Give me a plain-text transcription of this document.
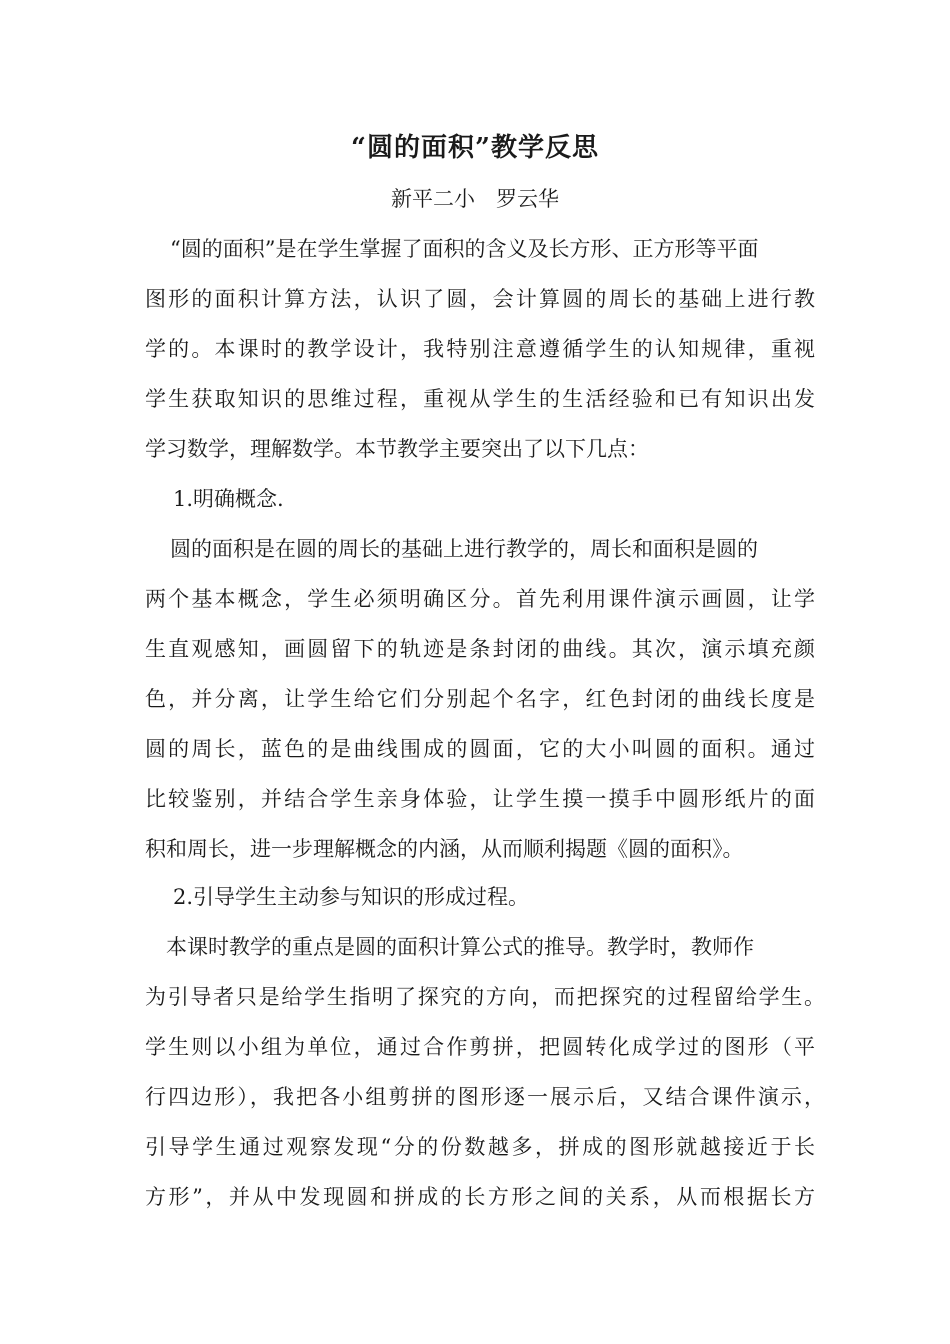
“圆的面积”教学反思
新平二小　罗云华
“圆的面积”是在学生掌握了面积的含义及长方形、正方形等平面
图形的面积计算方法，认识了圆，会计算圆的周长的基础上进行教
学的。本课时的教学设计，我特别注意遵循学生的认知规律，重视
学生获取知识的思维过程，重视从学生的生活经验和已有知识出发
学习数学，理解数学。本节教学主要突出了以下几点：
1.明确概念.
圆的面积是在圆的周长的基础上进行教学的，周长和面积是圆的
两个基本概念，学生必须明确区分。首先利用课件演示画圆，让学
生直观感知，画圆留下的轨迹是条封闭的曲线。其次，演示填充颜
色，并分离，让学生给它们分别起个名字，红色封闭的曲线长度是
圆的周长，蓝色的是曲线围成的圆面，它的大小叫圆的面积。通过
比较鉴别，并结合学生亲身体验，让学生摸一摸手中圆形纸片的面
积和周长，进一步理解概念的内涵，从而顺利揭题《圆的面积》。
2.引导学生主动参与知识的形成过程。
本课时教学的重点是圆的面积计算公式的推导。教学时，教师作
为引导者只是给学生指明了探究的方向，而把探究的过程留给学生。
学生则以小组为单位，通过合作剪拼，把圆转化成学过的图形（平
行四边形），我把各小组剪拼的图形逐一展示后，又结合课件演示，
引导学生通过观察发现“分的份数越多，拼成的图形就越接近于长
方形”，并从中发现圆和拼成的长方形之间的关系，从而根据长方
